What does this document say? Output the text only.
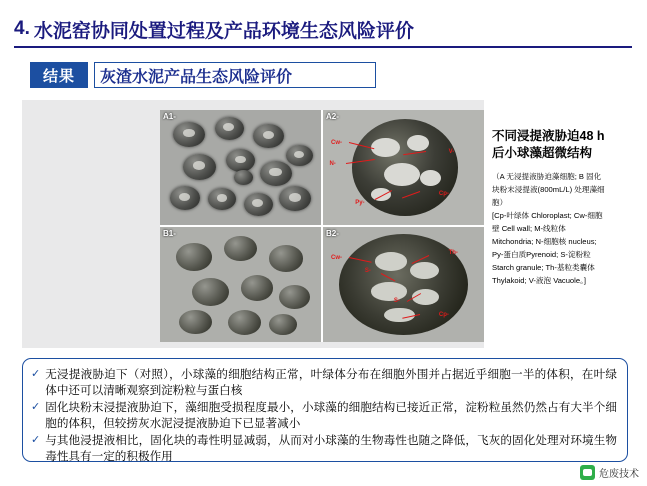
4. 水泥窑协同处置过程及产品环境生态风险评价
结果	灰渣水泥产品生态风险评价
A1-	A2-
Cw-
N-
Py-
Cp-
V-
B1-	B2-
Cw-
Th-
S-
S-
Cp-
不同浸提液胁迫48 h
后小球藻超微结构

（A 无浸提液胁迫藻细胞; B 固化

块粉末浸提液(800mL/L) 处理藻细

胞）

[Cp-叶绿体 Chloroplast; Cw-细胞

壁 Cell wall; M-线粒体

Mitchondria; N-细胞核 nucleus;

Py-蛋白质Pyrenoid; S-淀粉粒

Starch granule; Th-基粒类囊体

Thylakoid; V-液泡 Vacuole。]

✓ 无浸提液胁迫下（对照），小球藻的细胞结构正常，叶绿体分布在细胞外围并占据近乎细胞一半的体积，在叶绿体中还可以清晰观察到淀粉粒与蛋白核
✓ 固化块粉末浸提液胁迫下，藻细胞受损程度最小，小球藻的细胞结构已接近正常，淀粉粒虽然仍然占有大半个细胞的体积，但较捞灰水泥浸提液胁迫下已显著减小
✓ 与其他浸提液相比，固化块的毒性明显减弱，从而对小球藻的生物毒性也随之降低，飞灰的固化处理对环境生物毒性具有一定的积极作用
危废技术
